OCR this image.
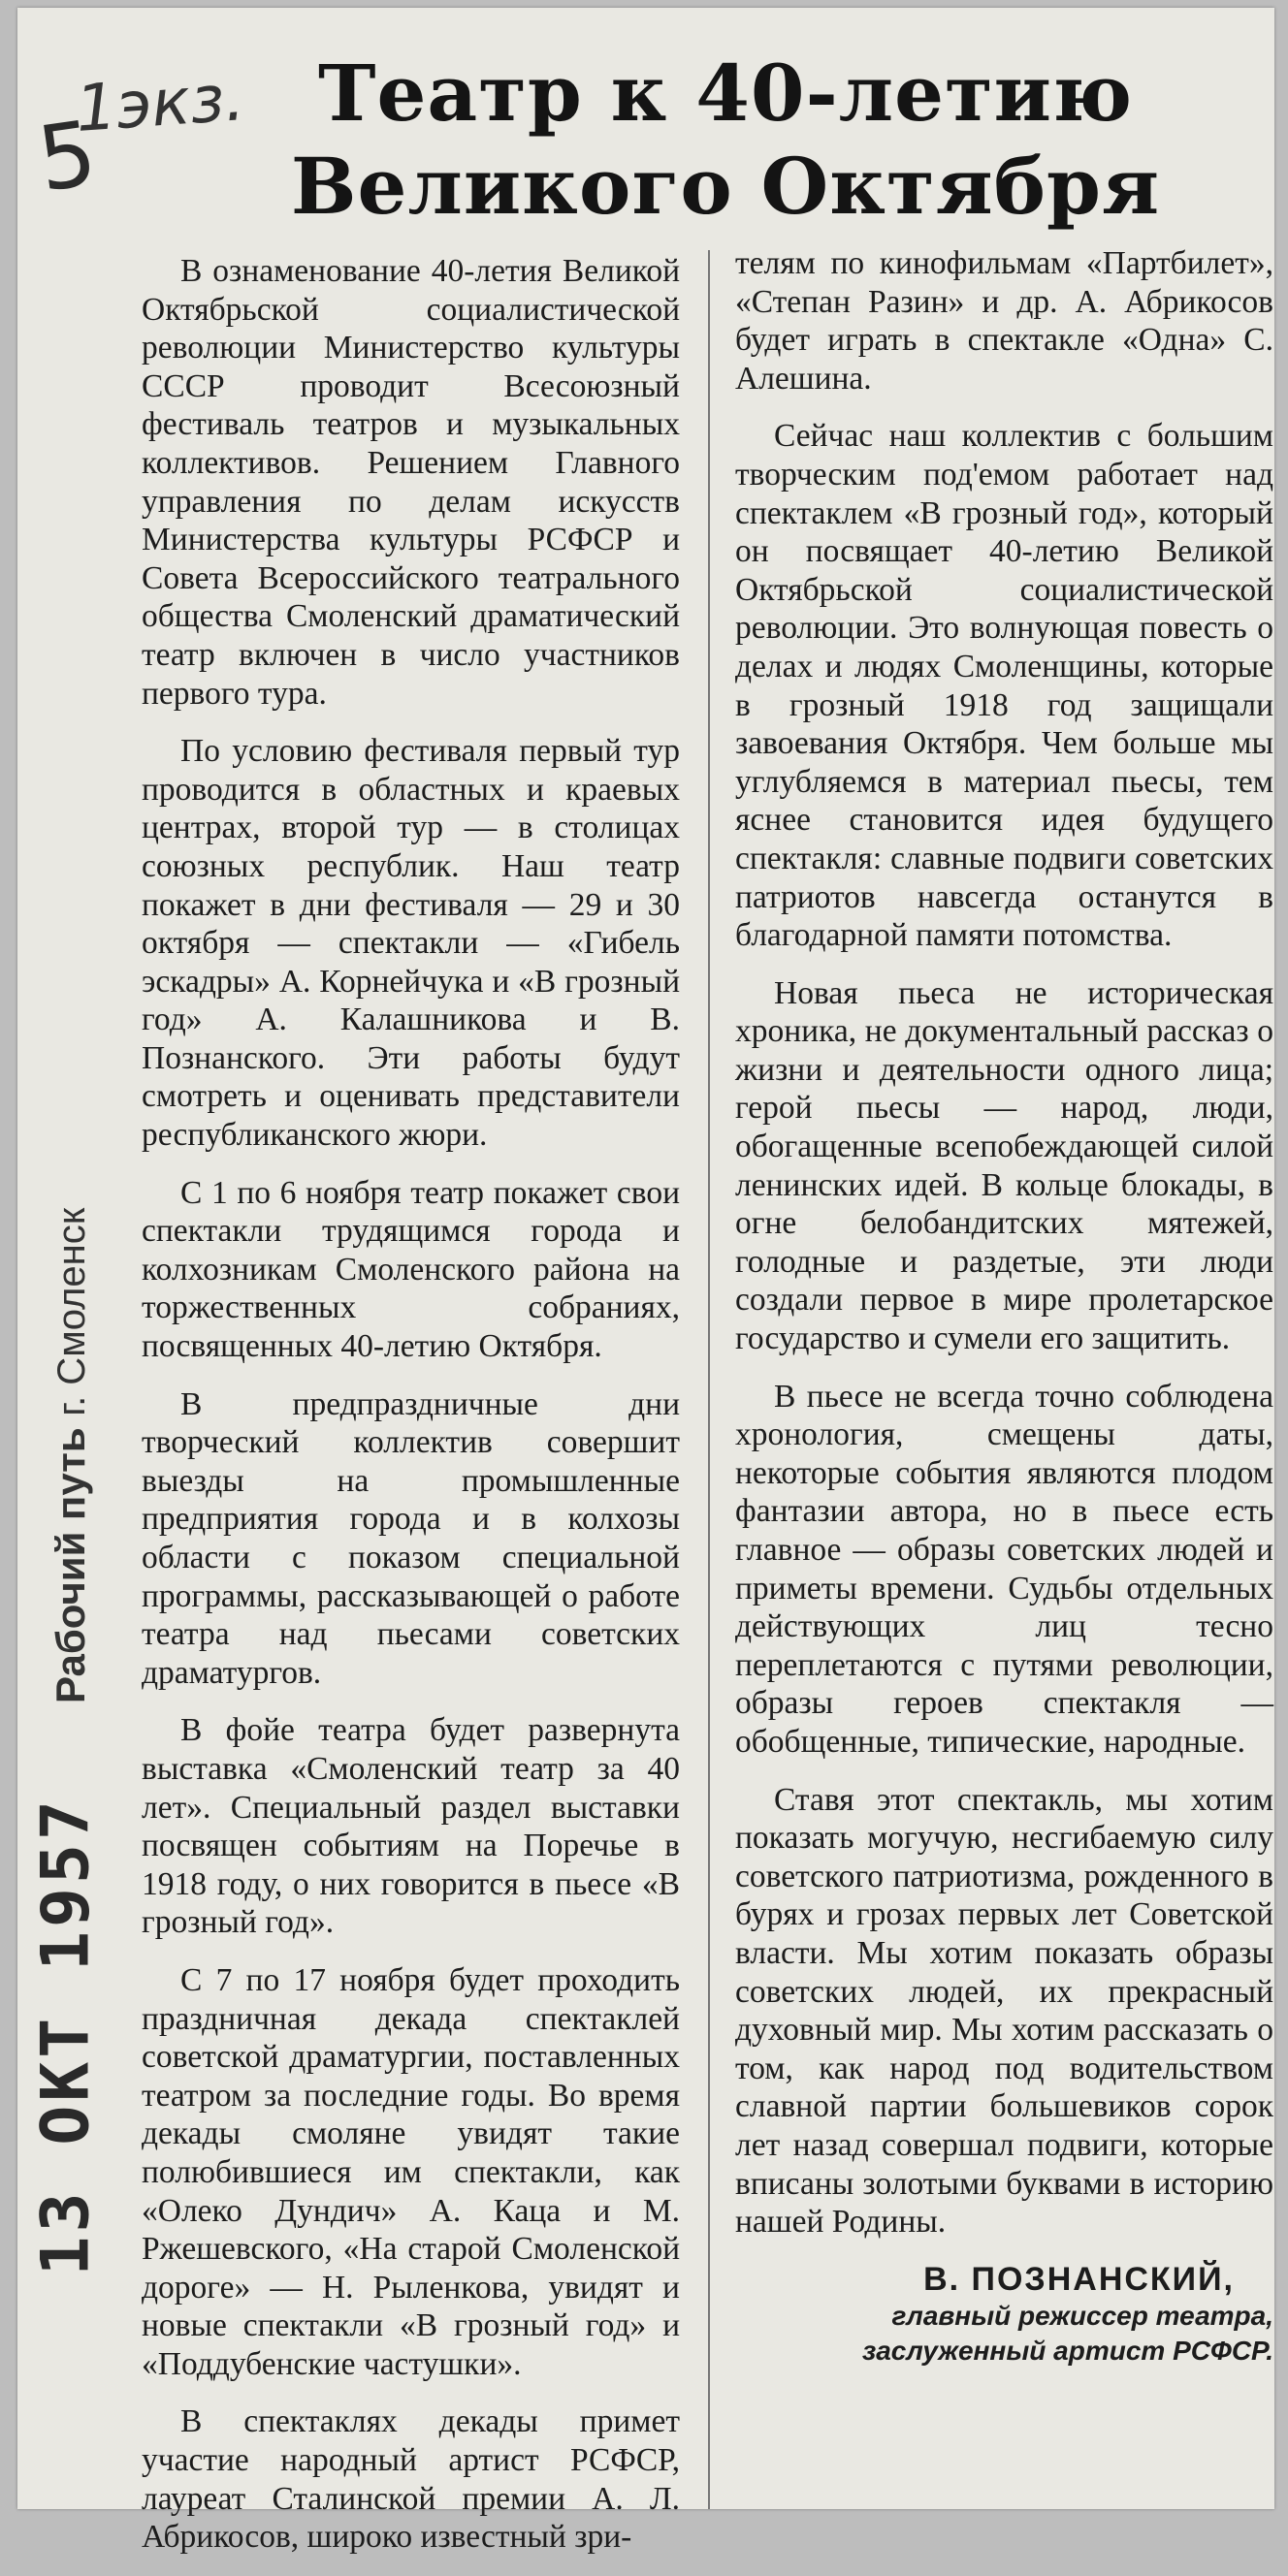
5
1экз. Театр к 40-летию Великого Октября
Рабочий путь г. Смоленск
13 ОКТ 1957

В ознаменование 40-летия Великой Октябрьской социалистической революции Министерство культуры СССР проводит Всесоюзный фестиваль театров и музыкальных коллективов. Решением Главного управления по делам искусств Министерства культуры РСФСР и Совета Всероссийского театрального общества Смоленский драматический театр включен в число участников первого тура.

По условию фестиваля первый тур проводится в областных и краевых центрах, второй тур — в столицах союзных республик. Наш театр покажет в дни фестиваля — 29 и 30 октября — спектакли — «Гибель эскадры» А. Корнейчука и «В грозный год» А. Калашникова и В. Познанского. Эти работы будут смотреть и оценивать представители республиканского жюри.

С 1 по 6 ноября театр покажет свои спектакли трудящимся города и колхозникам Смоленского района на торжественных собраниях, посвященных 40-летию Октября.

В предпраздничные дни творческий коллектив совершит выезды на промышленные предприятия города и в колхозы области с показом специальной программы, рассказывающей о работе театра над пьесами советских драматургов.

В фойе театра будет развернута выставка «Смоленский театр за 40 лет». Специальный раздел выставки посвящен событиям на Поречье в 1918 году, о них говорится в пьесе «В грозный год».

С 7 по 17 ноября будет проходить праздничная декада спектаклей советской драматургии, поставленных театром за последние годы. Во время декады смоляне увидят такие полюбившиеся им спектакли, как «Олеко Дундич» А. Каца и М. Ржешевского, «На старой Смоленской дороге» — Н. Рыленкова, увидят и новые спектакли «В грозный год» и «Поддубенские частушки».

В спектаклях декады примет участие народный артист РСФСР, лауреат Сталинской премии А. Л. Абрикосов, широко известный зри-

телям по кинофильмам «Партбилет», «Степан Разин» и др. А. Абрикосов будет играть в спектакле «Одна» С. Алешина.

Сейчас наш коллектив с большим творческим под'емом работает над спектаклем «В грозный год», который он посвящает 40-летию Великой Октябрьской социалистической революции. Это волнующая повесть о делах и людях Смоленщины, которые в грозный 1918 год защищали завоевания Октября. Чем больше мы углубляемся в материал пьесы, тем яснее становится идея будущего спектакля: славные подвиги советских патриотов навсегда останутся в благодарной памяти потомства.

Новая пьеса не историческая хроника, не документальный рассказ о жизни и деятельности одного лица; герой пьесы — народ, люди, обогащенные всепобеждающей силой ленинских идей. В кольце блокады, в огне белобандитских мятежей, голодные и раздетые, эти люди создали первое в мире пролетарское государство и сумели его защитить.

В пьесе не всегда точно соблюдена хронология, смещены даты, некоторые события являются плодом фантазии автора, но в пьесе есть главное — образы советских людей и приметы времени. Судьбы отдельных действующих лиц тесно переплетаются с путями революции, образы героев спектакля — обобщенные, типические, народные.

Ставя этот спектакль, мы хотим показать могучую, несгибаемую силу советского патриотизма, рожденного в бурях и грозах первых лет Советской власти. Мы хотим показать образы советских людей, их прекрасный духовный мир. Мы хотим рассказать о том, как народ под водительством славной партии большевиков сорок лет назад совершал подвиги, которые вписаны золотыми буквами в историю нашей Родины.

В. ПОЗНАНСКИЙ,
главный режиссер театра, заслуженный артист РСФСР.
